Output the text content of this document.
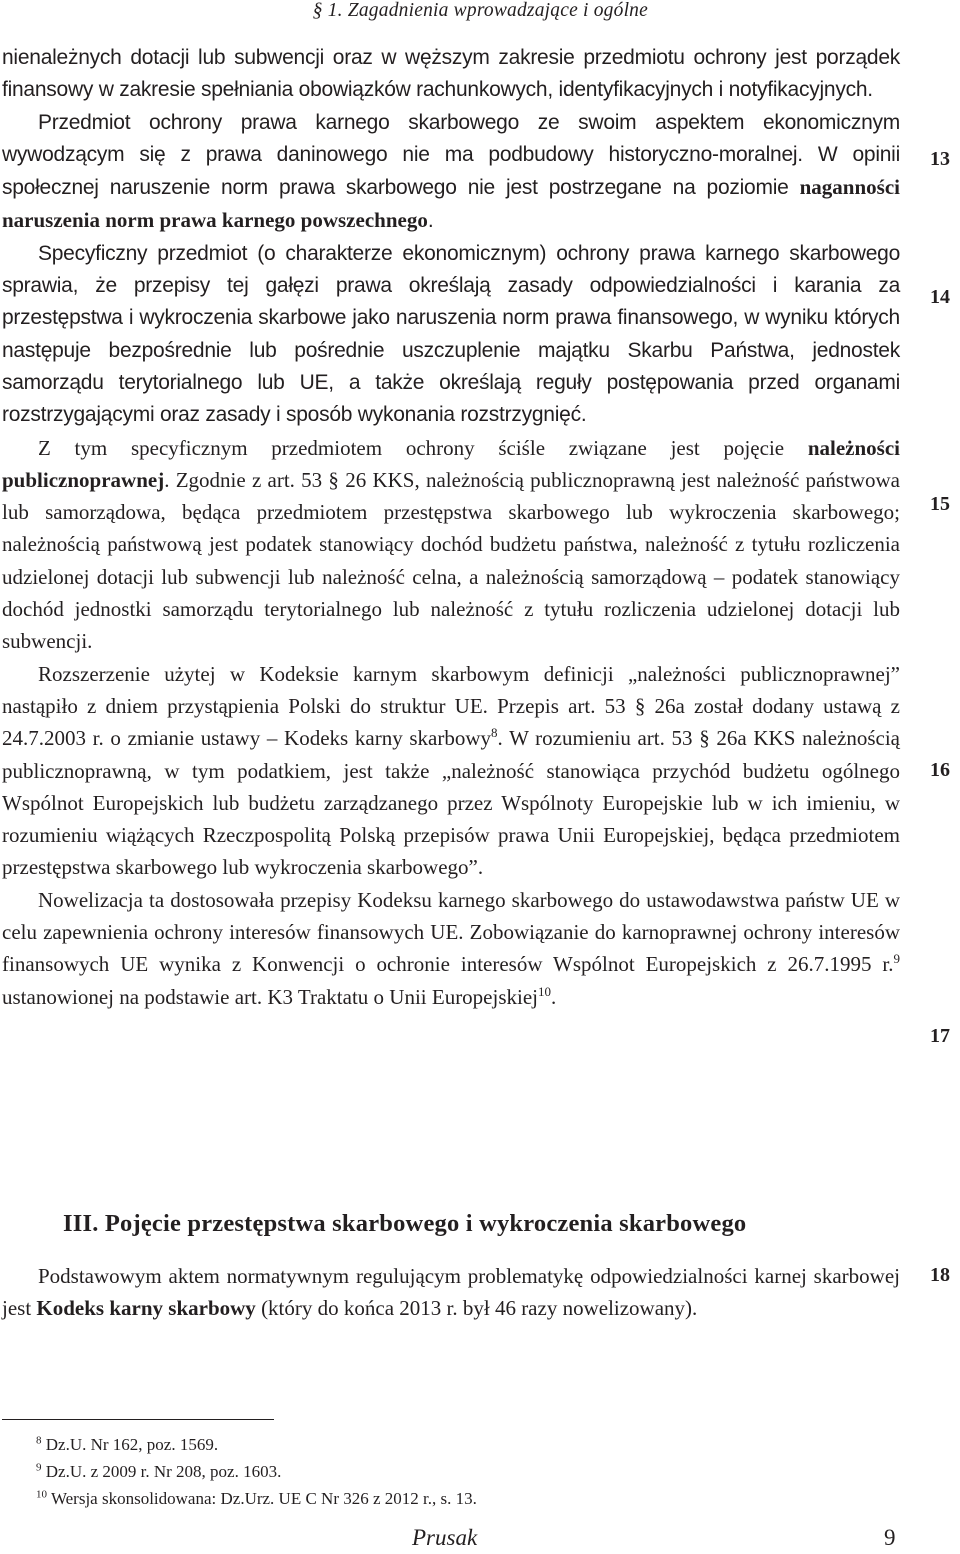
§ 1. Zagadnienia wprowadzające i ogólne

nienależnych dotacji lub subwencji oraz w węższym zakresie przedmiotu ochrony jest porządek finansowy w zakresie spełniania obowiązków rachunkowych, identyfikacyjnych i notyfikacyjnych.

Przedmiot ochrony prawa karnego skarbowego ze swoim aspektem ekonomicznym wywodzącym się z prawa daninowego nie ma podbudowy historyczno-moralnej. W opinii społecznej naruszenie norm prawa skarbowego nie jest postrzegane na poziomie naganności naruszenia norm prawa karnego powszechnego.

Specyficzny przedmiot (o charakterze ekonomicznym) ochrony prawa karnego skarbowego sprawia, że przepisy tej gałęzi prawa określają zasady odpowiedzialności i karania za przestępstwa i wykroczenia skarbowe jako naruszenia norm prawa finansowego, w wyniku których następuje bezpośrednie lub pośrednie uszczuplenie majątku Skarbu Państwa, jednostek samorządu terytorialnego lub UE, a także określają reguły postępowania przed organami rozstrzygającymi oraz zasady i sposób wykonania rozstrzygnięć.

Z tym specyficznym przedmiotem ochrony ściśle związane jest pojęcie należności publicznoprawnej. Zgodnie z art. 53 § 26 KKS, należnością publicznoprawną jest należność państwowa lub samorządowa, będąca przedmiotem przestępstwa skarbowego lub wykroczenia skarbowego; należnością państwową jest podatek stanowiący dochód budżetu państwa, należność z tytułu rozliczenia udzielonej dotacji lub subwencji lub należność celna, a należnością samorządową – podatek stanowiący dochód jednostki samorządu terytorialnego lub należność z tytułu rozliczenia udzielonej dotacji lub subwencji.

Rozszerzenie użytej w Kodeksie karnym skarbowym definicji „należności publicznoprawnej” nastąpiło z dniem przystąpienia Polski do struktur UE. Przepis art. 53 § 26a został dodany ustawą z 24.7.2003 r. o zmianie ustawy – Kodeks karny skarbowy$^8$. W rozumieniu art. 53 § 26a KKS należnością publicznoprawną, w tym podatkiem, jest także „należność stanowiąca przychód budżetu ogólnego Wspólnot Europejskich lub budżetu zarządzanego przez Wspólnoty Europejskie lub w ich imieniu, w rozumieniu wiążących Rzeczpospolitą Polską przepisów prawa Unii Europejskiej, będąca przedmiotem przestępstwa skarbowego lub wykroczenia skarbowego”.

Nowelizacja ta dostosowała przepisy Kodeksu karnego skarbowego do ustawodawstwa państw UE w celu zapewnienia ochrony interesów finansowych UE. Zobowiązanie do karnoprawnej ochrony interesów finansowych UE wynika z Konwencji o ochronie interesów Wspólnot Europejskich z 26.7.1995 r.$^9$ ustanowionej na podstawie art. K3 Traktatu o Unii Europejskiej$^{10}$.

III. Pojęcie przestępstwa skarbowego i wykroczenia skarbowego

Podstawowym aktem normatywnym regulującym problematykę odpowiedzialności karnej skarbowej jest Kodeks karny skarbowy (który do końca 2013 r. był 46 razy nowelizowany).

13
14
15
16
17
18
$^8$ Dz.U. Nr 162, poz. 1569.
$^9$ Dz.U. z 2009 r. Nr 208, poz. 1603.
$^{10}$ Wersja skonsolidowana: Dz.Urz. UE C Nr 326 z 2012 r., s. 13.
Prusak	9
